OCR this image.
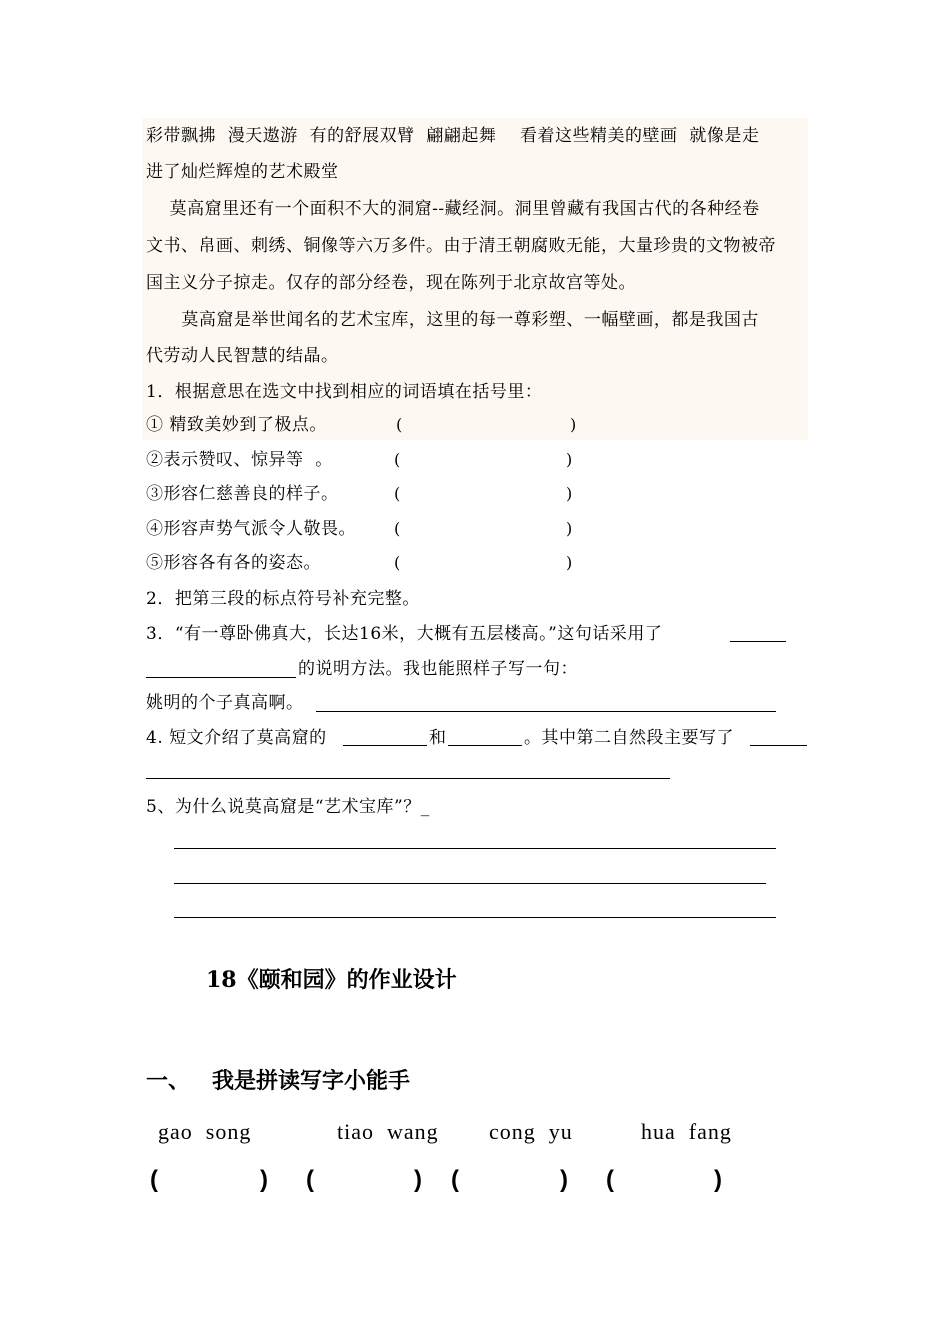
彩带飘拂  漫天遨游  有的舒展双臂  翩翩起舞    看着这些精美的壁画  就像是走
进了灿烂辉煌的艺术殿堂
莫高窟里还有一个面积不大的洞窟--藏经洞。洞里曾藏有我国古代的各种经卷
文书、帛画、刺绣、铜像等六万多件。由于清王朝腐败无能，大量珍贵的文物被帝
国主义分子掠走。仅存的部分经卷，现在陈列于北京故宫等处。
莫高窟是举世闻名的艺术宝库，这里的每一尊彩塑、一幅壁画，都是我国古
代劳动人民智慧的结晶。
1．根据意思在选文中找到相应的词语填在括号里：
① 精致美妙到了极点。	(	)
②表示赞叹、惊异等  。	(	)
③形容仁慈善良的样子。	(	)
④形容声势气派令人敬畏。 (	)
⑤形容各有各的姿态。	(	)
2．把第三段的标点符号补充完整。
3．“有一尊卧佛真大，长达16米，大概有五层楼高。”这句话采用了
的说明方法。我也能照样子写一句：
姚明的个子真高啊。
4. 短文介绍了莫高窟的	和	。其中第二自然段主要写了
5、为什么说莫高窟是“艺术宝库”？_
18《颐和园》的作业设计
一、 我是拼读写字小能手
gao  song	tiao  wang cong  yu	hua  fang
(	) (	) (	) (	)
